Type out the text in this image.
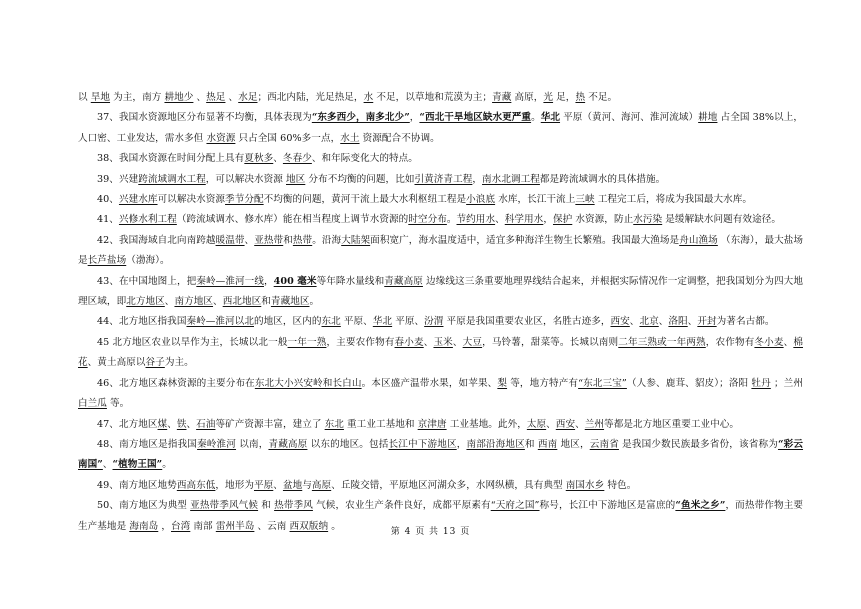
以 旱地 为主，南方 耕地少 、热足 、水足；西北内陆，光足热足，水 不足，以草地和荒漠为主；青藏 高原，光 足，热 不足。

37、我国水资源地区分布显著不均衡，具体表现为“东多西少，南多北少”，“西北干旱地区缺水更严重。华北 平原（黄河、海河、淮河流域）耕地 占全国 38%以上，人口密、工业发达，需水多但 水资源 只占全国 60%多一点，水土 资源配合不协调。

38、我国水资源在时间分配上具有夏秋多、冬春少、和年际变化大的特点。

39、兴建跨流域调水工程，可以解决水资源 地区 分布不均衡的问题，比如引黄济青工程，南水北调工程都是跨流域调水的具体措施。

40、兴建水库可以解决水资源季节分配不均衡的问题，黄河干流上最大水利枢纽工程是小浪底 水库，长江干流上三峡 工程完工后，将成为我国最大水库。

41、兴修水利工程（跨流域调水、修水库）能在相当程度上调节水资源的时空分布。节约用水、科学用水，保护 水资源，防止水污染 是缓解缺水问题有效途径。

42、我国海域自北向南跨越暖温带、亚热带和热带。沿海大陆架面积宽广，海水温度适中，适宜多种海洋生物生长繁殖。我国最大渔场是舟山渔场 （东海），最大盐场是长芦盐场（渤海）。

43、在中国地图上，把秦岭—淮河一线，400 毫米等年降水量线和青藏高原 边缘线这三条重要地理界线结合起来，并根据实际情况作一定调整，把我国划分为四大地理区域，即北方地区、南方地区、西北地区和青藏地区。

44、北方地区指我国秦岭—淮河以北的地区，区内的东北 平原、华北 平原、汾渭 平原是我国重要农业区，名胜古迹多，西安、北京、洛阳、开封为著名古都。

45 北方地区农业以旱作为主，长城以北一般一年一熟，主要农作物有春小麦、玉米、大豆，马铃薯，甜菜等。长城以南则二年三熟或一年两熟，农作物有冬小麦、棉花、黄土高原以谷子为主。

46、北方地区森林资源的主要分布在东北大小兴安岭和长白山。本区盛产温带水果，如苹果、梨 等，地方特产有“东北三宝”（人参、鹿茸、貂皮）；洛阳 牡丹 ；兰州 白兰瓜 等。

47、北方地区煤、铁、石油等矿产资源丰富，建立了 东北 重工业工基地和 京津唐 工业基地。此外，太原、西安、兰州等都是北方地区重要工业中心。

48、南方地区是指我国秦岭淮河 以南，青藏高原 以东的地区。包括长江中下游地区，南部沿海地区和 西南 地区，云南省 是我国少数民族最多省份，该省称为“彩云南国”、“植物王国”。

49、南方地区地势西高东低，地形为平原、盆地与高原、丘陵交错，平原地区河湖众多，水网纵横，具有典型 南国水乡 特色。

50、南方地区为典型 亚热带季风气候 和 热带季风 气候，农业生产条件良好，成都平原素有“天府之国”称号，长江中下游地区是富庶的“鱼米之乡”，而热带作物主要生产基地是 海南岛 ，台湾 南部 雷州半岛 、云南 西双版纳 。

第 4 页 共 13 页
